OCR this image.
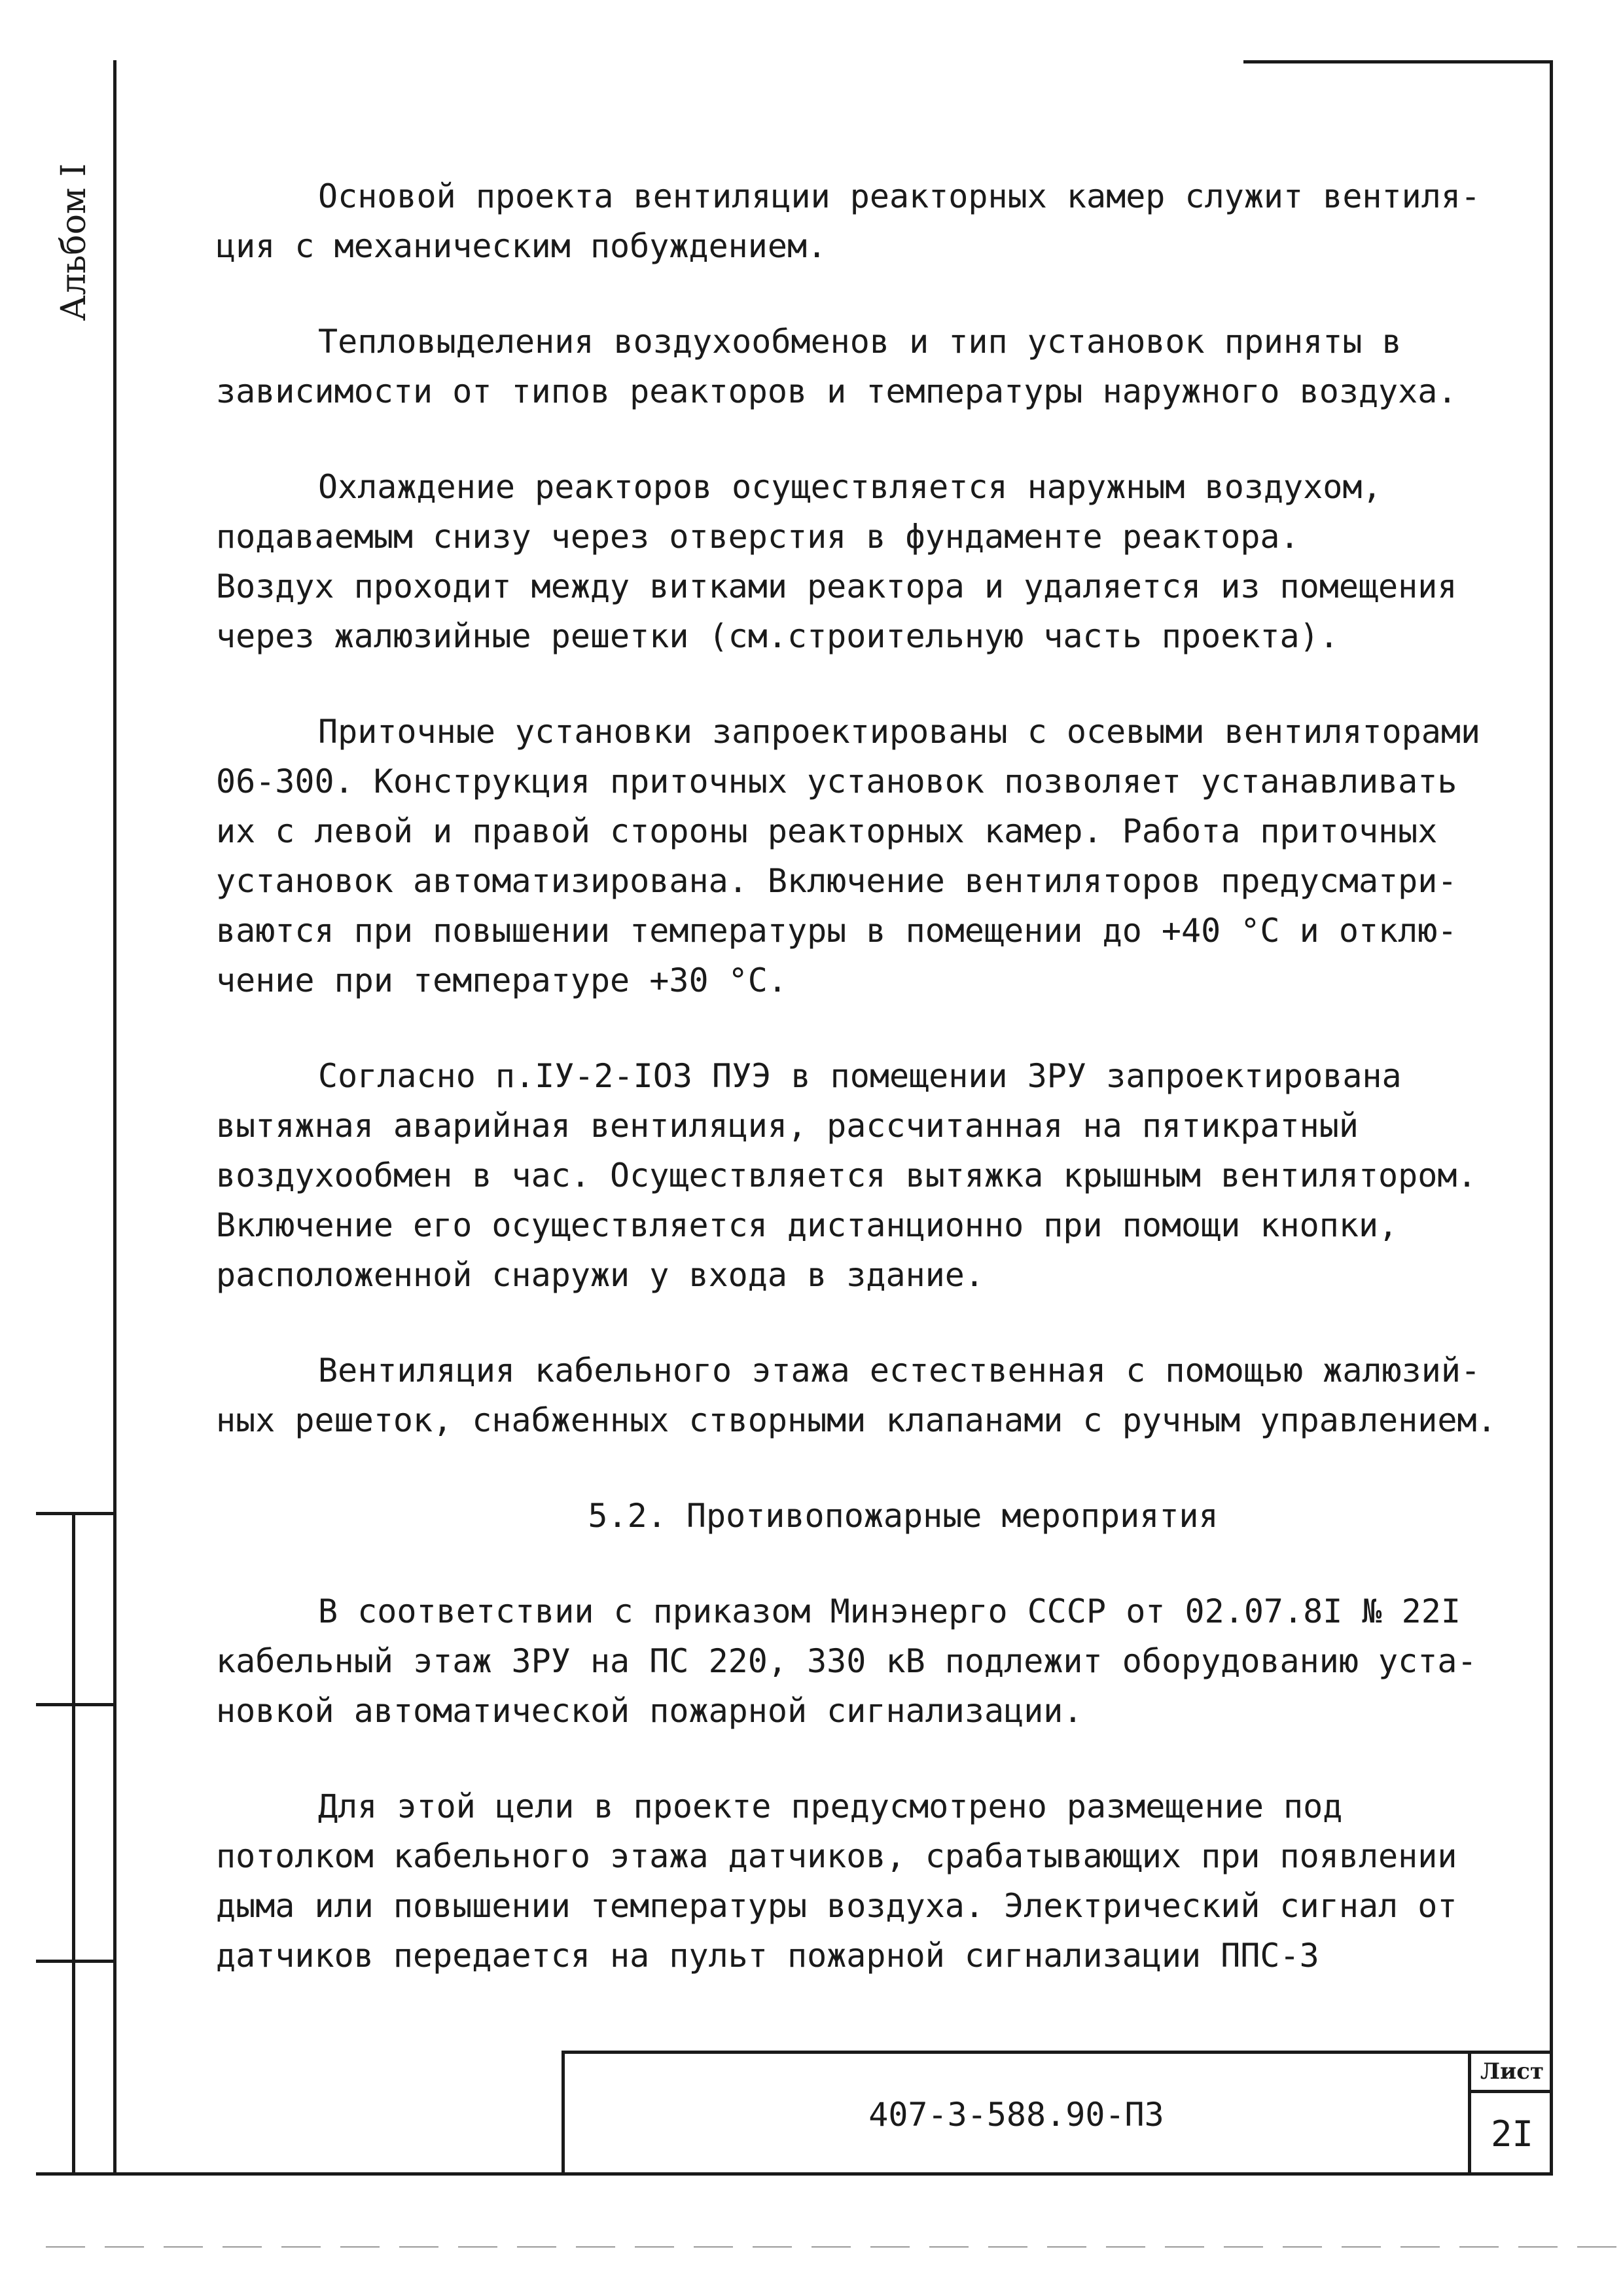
Альбом I	Основой проекта вентиляции реакторных камер служит вентиля-
ция с механическим побуждением.

Тепловыделения воздухообменов и тип установок приняты в
зависимости от типов реакторов и температуры наружного воздуха.

Охлаждение реакторов осуществляется наружным воздухом,
подаваемым снизу через отверстия в фундаменте реактора.
Воздух проходит между витками реактора и удаляется из помещения
через жалюзийные решетки (см.строительную часть проекта).

Приточные установки запроектированы с осевыми вентиляторами
06-300. Конструкция приточных установок позволяет устанавливать
их с левой и правой стороны реакторных камер. Работа приточных
установок автоматизирована. Включение вентиляторов предусматри-
ваются при повышении температуры в помещении до +40 °С и отклю-
чение при температуре +30 °С.

Согласно п.IУ-2-IO3 ПУЭ в помещении ЗРУ запроектирована
вытяжная аварийная вентиляция, рассчитанная на пятикратный
воздухообмен в час. Осуществляется вытяжка крышным вентилятором.
Включение его осуществляется дистанционно при помощи кнопки,
расположенной снаружи у входа в здание.

Вентиляция кабельного этажа естественная с помощью жалюзий-
ных решеток, снабженных створными клапанами с ручным управлением.

5.2. Противопожарные мероприятия

В соответствии с приказом Минэнерго СССР от 02.07.8I № 22I
кабельный этаж ЗРУ на ПС 220, 330 кВ подлежит оборудованию уста-
новкой автоматической пожарной сигнализации.

Для этой цели в проекте предусмотрено размещение под
потолком кабельного этажа датчиков, срабатывающих при появлении
дыма или повышении температуры воздуха. Электрический сигнал от
датчиков передается на пульт пожарной сигнализации ППС-3

407-3-588.90-ПЗ
Лист
2I
